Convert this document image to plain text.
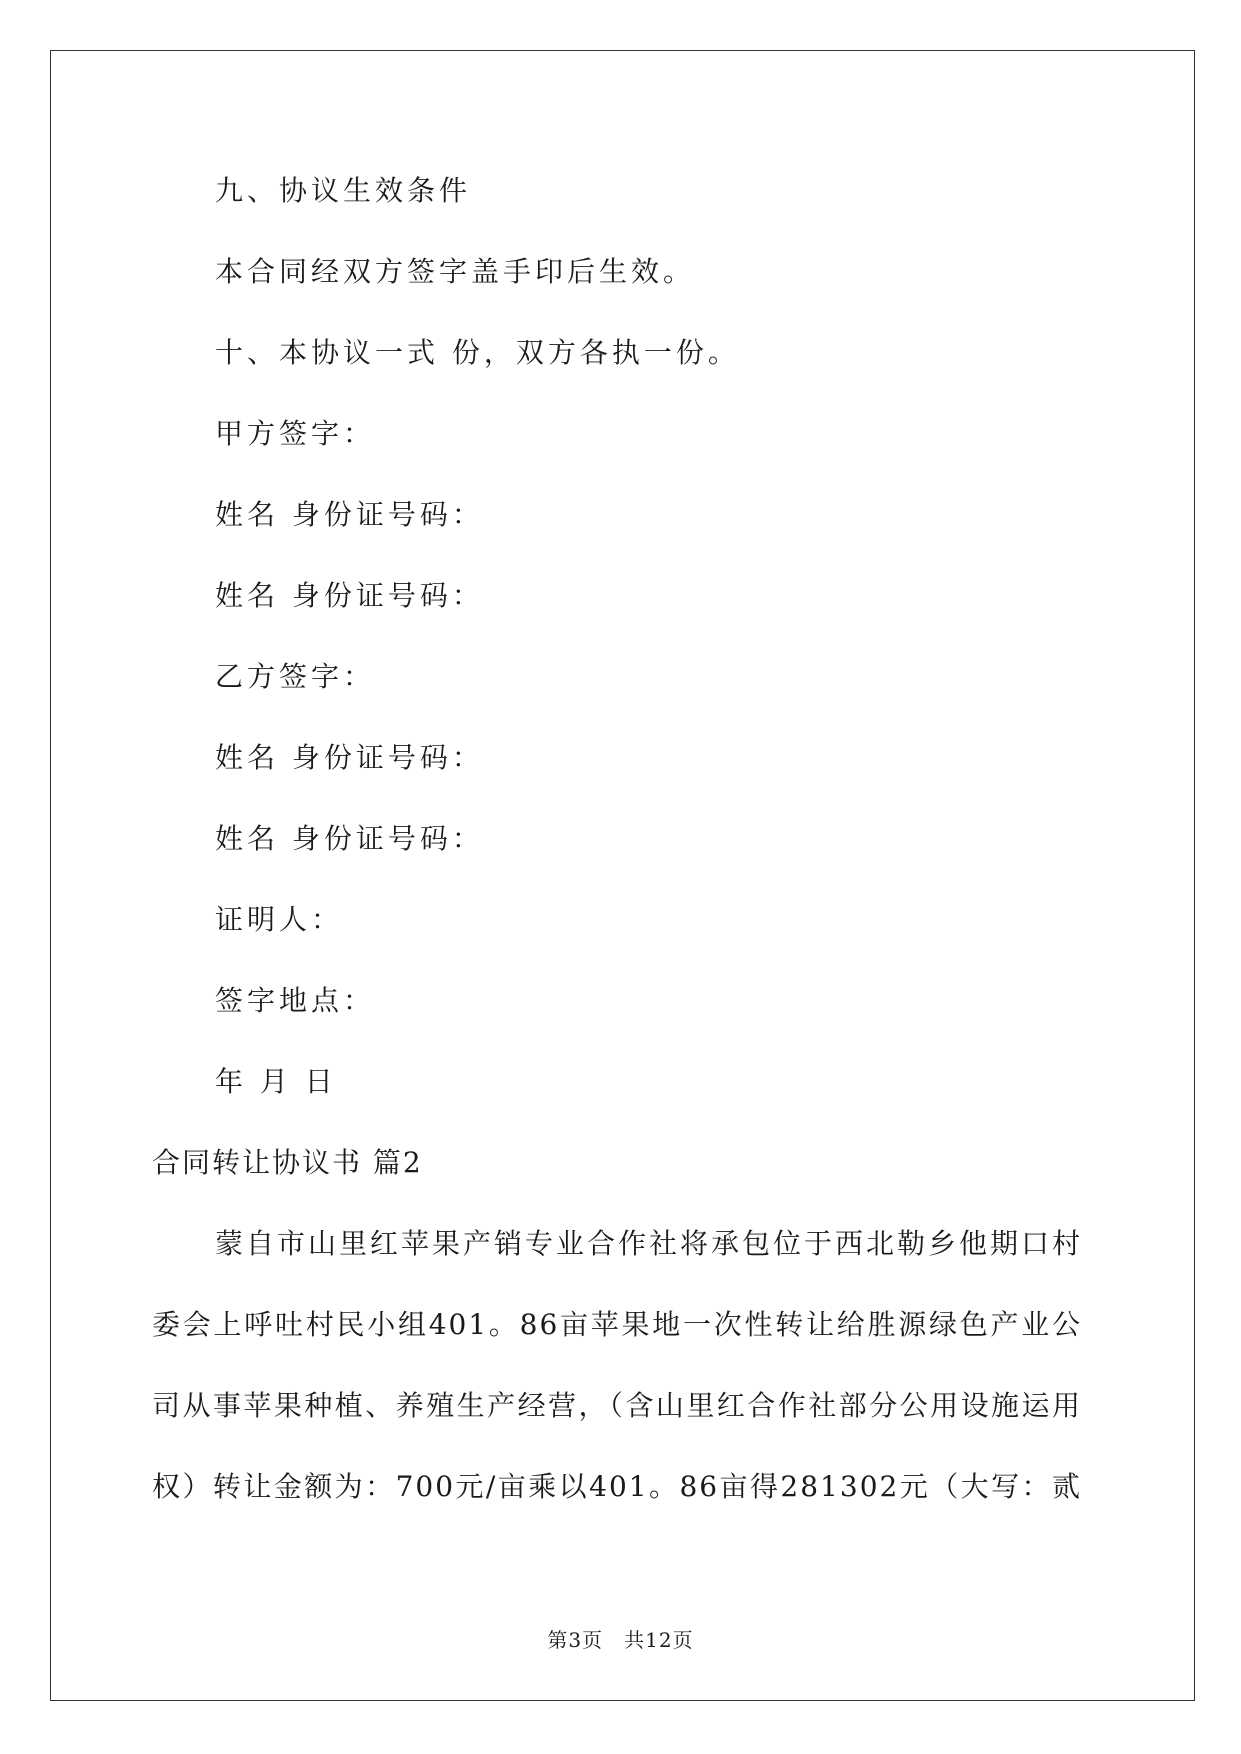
九、协议生效条件
本合同经双方签字盖手印后生效。
十、本协议一式 份，双方各执一份。
甲方签字：
姓名 身份证号码：
姓名 身份证号码：
乙方签字：
姓名 身份证号码：
姓名 身份证号码：
证明人：
签字地点：
年 月 日
合同转让协议书 篇2
蒙自市山里红苹果产销专业合作社将承包位于西北勒乡他期口村
委会上呼吐村民小组401。86亩苹果地一次性转让给胜源绿色产业公
司从事苹果种植、养殖生产经营，（含山里红合作社部分公用设施运用
权）转让金额为：700元/亩乘以401。86亩得281302元（大写：贰
第3页　共12页
